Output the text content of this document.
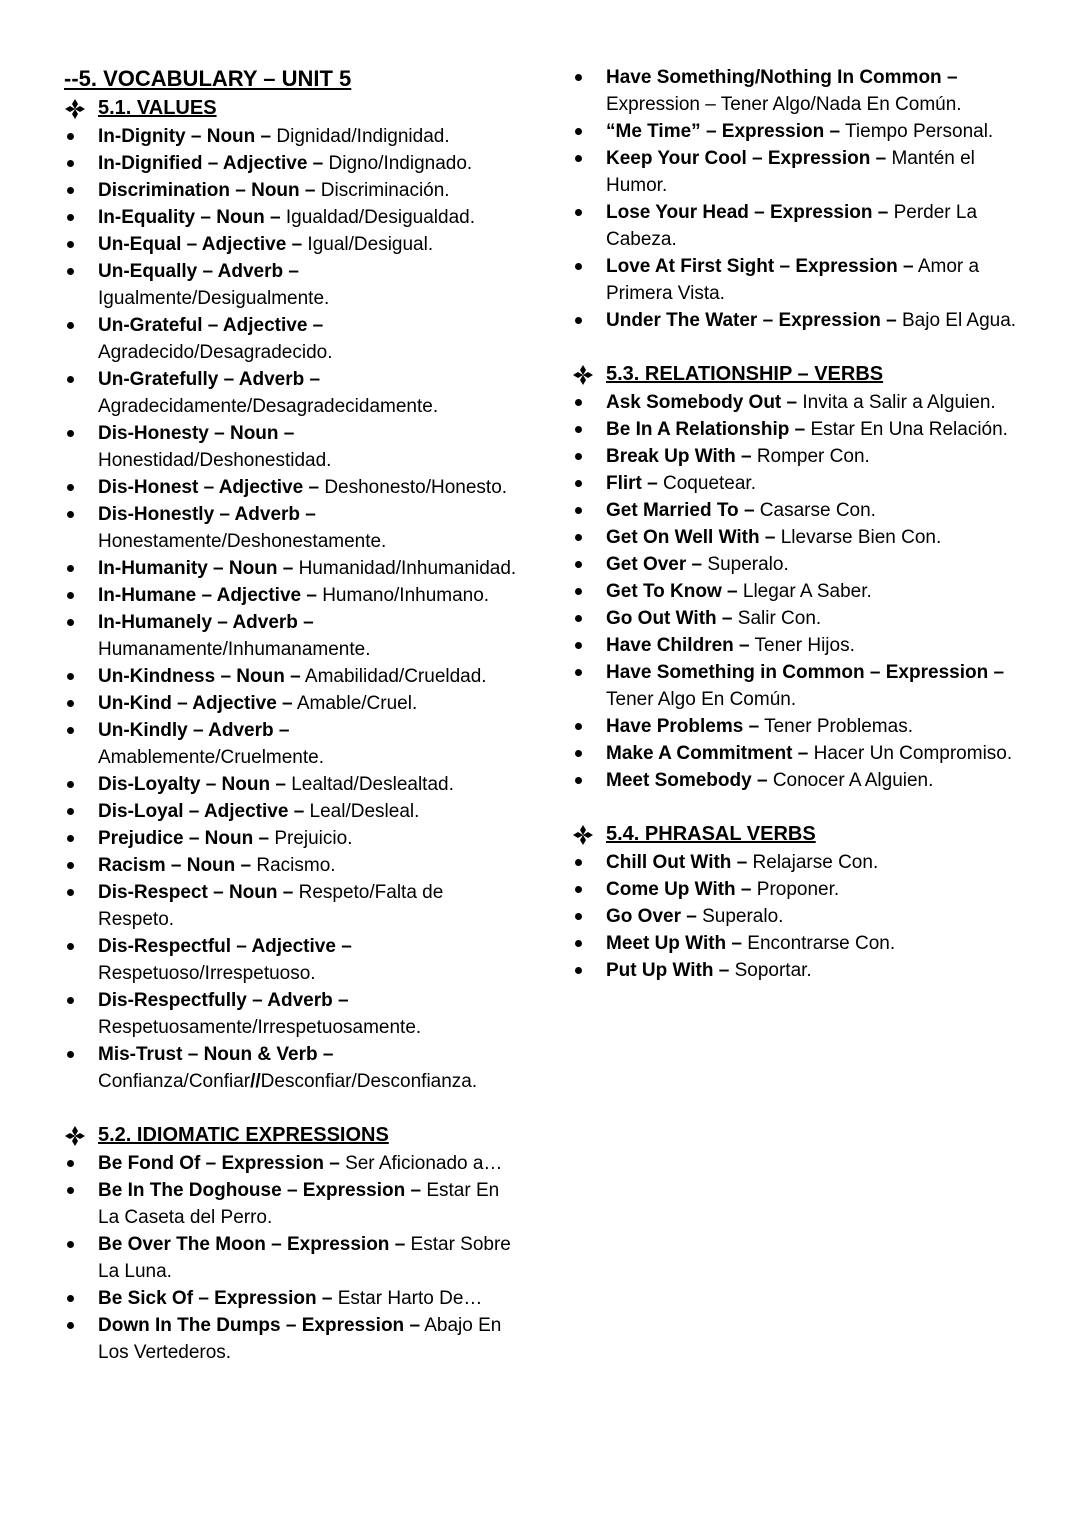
--5. VOCABULARY – UNIT 5
5.1. VALUES
In-Dignity – Noun – Dignidad/Indignidad.
In-Dignified – Adjective – Digno/Indignado.
Discrimination – Noun – Discriminación.
In-Equality – Noun – Igualdad/Desigualdad.
Un-Equal – Adjective – Igual/Desigual.
Un-Equally – Adverb – Igualmente/Desigualmente.
Un-Grateful – Adjective – Agradecido/Desagradecido.
Un-Gratefully – Adverb – Agradecidamente/Desagradecidamente.
Dis-Honesty – Noun – Honestidad/Deshonestidad.
Dis-Honest – Adjective – Deshonesto/Honesto.
Dis-Honestly – Adverb – Honestamente/Deshonestamente.
In-Humanity – Noun – Humanidad/Inhumanidad.
In-Humane – Adjective – Humano/Inhumano.
In-Humanely – Adverb – Humanamente/Inhumanamente.
Un-Kindness – Noun – Amabilidad/Crueldad.
Un-Kind – Adjective – Amable/Cruel.
Un-Kindly – Adverb – Amablemente/Cruelmente.
Dis-Loyalty – Noun – Lealtad/Deslealtad.
Dis-Loyal – Adjective – Leal/Desleal.
Prejudice – Noun – Prejuicio.
Racism – Noun – Racismo.
Dis-Respect – Noun – Respeto/Falta de Respeto.
Dis-Respectful – Adjective – Respetuoso/Irrespetuoso.
Dis-Respectfully – Adverb – Respetuosamente/Irrespetuosamente.
Mis-Trust – Noun & Verb – Confianza/Confiar//Desconfiar/Desconfianza.
5.2. IDIOMATIC EXPRESSIONS
Be Fond Of – Expression – Ser Aficionado a…
Be In The Doghouse – Expression – Estar En La Caseta del Perro.
Be Over The Moon – Expression – Estar Sobre La Luna.
Be Sick Of – Expression – Estar Harto De…
Down In The Dumps – Expression – Abajo En Los Vertederos.
Have Something/Nothing In Common – Expression – Tener Algo/Nada En Común.
“Me Time” – Expression – Tiempo Personal.
Keep Your Cool – Expression – Mantén el Humor.
Lose Your Head – Expression – Perder La Cabeza.
Love At First Sight – Expression – Amor a Primera Vista.
Under The Water – Expression – Bajo El Agua.
5.3. RELATIONSHIP – VERBS
Ask Somebody Out – Invita a Salir a Alguien.
Be In A Relationship – Estar En Una Relación.
Break Up With – Romper Con.
Flirt – Coquetear.
Get Married To – Casarse Con.
Get On Well With – Llevarse Bien Con.
Get Over – Superalo.
Get To Know – Llegar A Saber.
Go Out With – Salir Con.
Have Children – Tener Hijos.
Have Something in Common – Expression – Tener Algo En Común.
Have Problems – Tener Problemas.
Make A Commitment – Hacer Un Compromiso.
Meet Somebody – Conocer A Alguien.
5.4. PHRASAL VERBS
Chill Out With – Relajarse Con.
Come Up With – Proponer.
Go Over – Superalo.
Meet Up With – Encontrarse Con.
Put Up With – Soportar.
